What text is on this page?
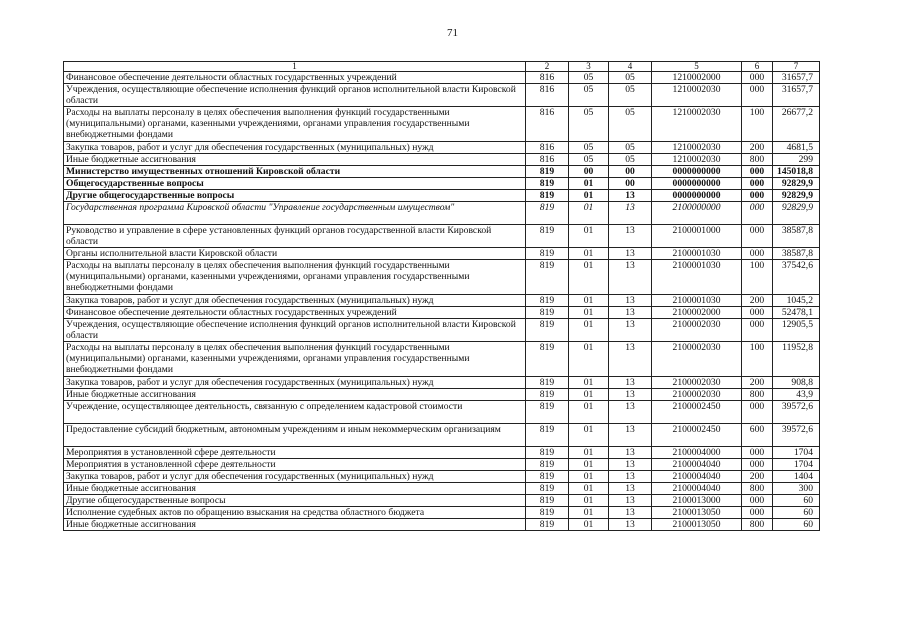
71
1	2	3	4	5	6	7
Финансовое обеспечение деятельности областных государственных учреждений	816	05	05	1210002000	000	31657,7
Учреждения, осуществляющие обеспечение исполнения функций органов исполнительной власти Кировской области	816	05	05	1210002030	000	31657,7
Расходы на выплаты персоналу в целях обеспечения выполнения функций государственными (муниципальными) органами, казенными учреждениями, органами управления государственными внебюджетными фондами	816	05	05	1210002030	100	26677,2
Закупка товаров, работ и услуг для обеспечения государственных (муниципальных) нужд	816	05	05	1210002030	200	4681,5
Иные бюджетные ассигнования	816	05	05	1210002030	800	299
Министерство имущественных отношений Кировской области	819	00	00	0000000000	000	145018,8
Общегосударственные вопросы	819	01	00	0000000000	000	92829,9
Другие общегосударственные вопросы	819	01	13	0000000000	000	92829,9
Государственная программа Кировской области "Управление государственным имуществом"	819	01	13	2100000000	000	92829,9
Руководство и управление в сфере установленных функций органов государственной власти Кировской области	819	01	13	2100001000	000	38587,8
Органы исполнительной власти Кировской области	819	01	13	2100001030	000	38587,8
Расходы на выплаты персоналу в целях обеспечения выполнения функций государственными (муниципальными) органами, казенными учреждениями, органами управления государственными внебюджетными фондами	819	01	13	2100001030	100	37542,6
Закупка товаров, работ и услуг для обеспечения государственных (муниципальных) нужд	819	01	13	2100001030	200	1045,2
Финансовое обеспечение деятельности областных государственных учреждений	819	01	13	2100002000	000	52478,1
Учреждения, осуществляющие обеспечение исполнения функций органов исполнительной власти Кировской области	819	01	13	2100002030	000	12905,5
Расходы на выплаты персоналу в целях обеспечения выполнения функций государственными (муниципальными) органами, казенными учреждениями, органами управления государственными внебюджетными фондами	819	01	13	2100002030	100	11952,8
Закупка товаров, работ и услуг для обеспечения государственных (муниципальных) нужд	819	01	13	2100002030	200	908,8
Иные бюджетные ассигнования	819	01	13	2100002030	800	43,9
Учреждение, осуществляющее деятельность, связанную с определением кадастровой стоимости	819	01	13	2100002450	000	39572,6
Предоставление субсидий бюджетным, автономным учреждениям и иным некоммерческим организациям	819	01	13	2100002450	600	39572,6
Мероприятия в установленной сфере деятельности	819	01	13	2100004000	000	1704
Мероприятия в установленной сфере деятельности	819	01	13	2100004040	000	1704
Закупка товаров, работ и услуг для обеспечения государственных (муниципальных) нужд	819	01	13	2100004040	200	1404
Иные бюджетные ассигнования	819	01	13	2100004040	800	300
Другие общегосударственные вопросы	819	01	13	2100013000	000	60
Исполнение судебных актов по обращению взыскания на средства областного бюджета	819	01	13	2100013050	000	60
Иные бюджетные ассигнования	819	01	13	2100013050	800	60
